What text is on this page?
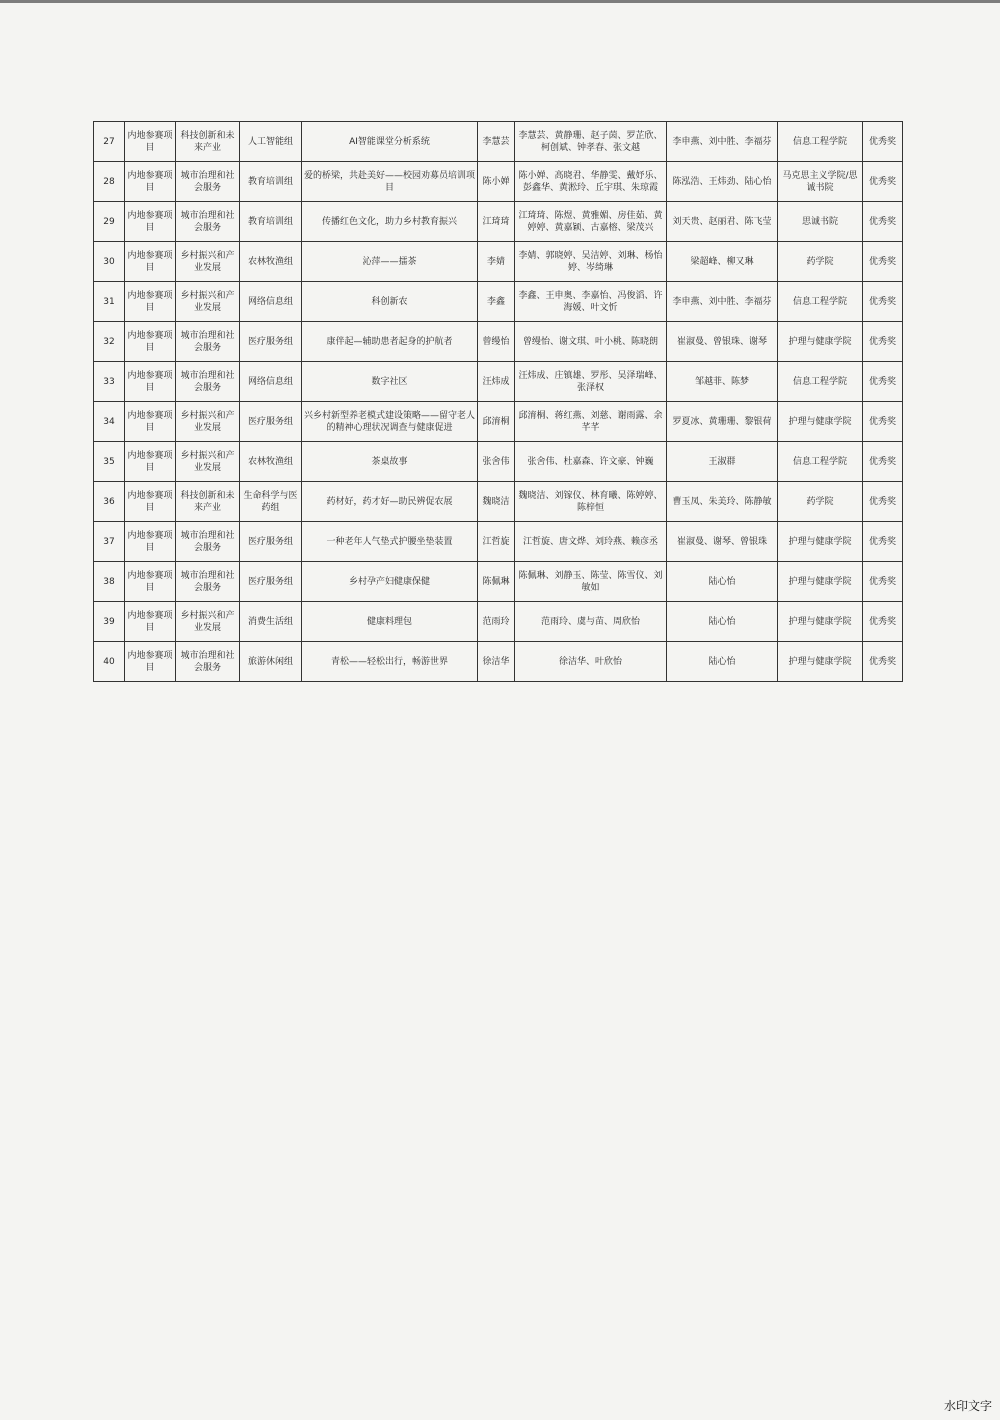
27	内地参赛项目	科技创新和未来产业	人工智能组	AI智能课堂分析系统	李慧芸	李慧芸、黄静珊、赵子茵、罗芷欣、柯创斌、钟孝春、张文越	李申燕、刘中胜、李福芬	信息工程学院	优秀奖
28	内地参赛项目	城市治理和社会服务	教育培训组	爱的桥梁，共赴美好——校园劝募员培训项目	陈小婵	陈小婵、高晓君、华静雯、戴妤乐、彭鑫华、黄淞玲、丘宇琪、朱琼霞	陈泓浩、王炜劲、陆心怡	马克思主义学院/思诚书院	优秀奖
29	内地参赛项目	城市治理和社会服务	教育培训组	传播红色文化，助力乡村教育振兴	江琦琦	江琦琦、陈煜、黄雅媚、房佳茹、黄婷婷、黄嘉颖、古嘉榕、梁茂兴	刘天贵、赵丽君、陈飞莹	思诚书院	优秀奖
30	内地参赛项目	乡村振兴和产业发展	农林牧渔组	沁萍——擂茶	李婧	李婧、郭晓婷、吴洁婷、刘琳、杨怡婷、岑绮琳	梁超峰、柳又琳	药学院	优秀奖
31	内地参赛项目	乡村振兴和产业发展	网络信息组	科创新农	李鑫	李鑫、王申奥、李嘉怡、冯俊滔、许海媛、叶文忻	李申燕、刘中胜、李福芬	信息工程学院	优秀奖
32	内地参赛项目	城市治理和社会服务	医疗服务组	康伴起—辅助患者起身的护航者	曾缦怡	曾缦怡、谢文琪、叶小桃、陈晓朗	崔淑曼、曾银珠、谢琴	护理与健康学院	优秀奖
33	内地参赛项目	城市治理和社会服务	网络信息组	数字社区	汪炜成	汪炜成、庄镇雄、罗彤、吴泽瑞峰、张泽权	邹越菲、陈梦	信息工程学院	优秀奖
34	内地参赛项目	乡村振兴和产业发展	医疗服务组	兴乡村新型养老模式建设策略——留守老人的精神心理状况调查与健康促进	邱淯桐	邱淯桐、蒋红燕、刘慈、谢雨露、余芊芊	罗夏冰、黄珊珊、黎银荷	护理与健康学院	优秀奖
35	内地参赛项目	乡村振兴和产业发展	农林牧渔组	茶桌故事	张舍伟	张舍伟、杜嘉森、许文豪、钟巍	王淑群	信息工程学院	优秀奖
36	内地参赛项目	科技创新和未来产业	生命科学与医药组	药材好，药才好—助民辨促农展	魏晓洁	魏晓洁、刘镓仪、林育曦、陈婷婷、陈梓恒	曹玉凤、朱美玲、陈静敏	药学院	优秀奖
37	内地参赛项目	城市治理和社会服务	医疗服务组	一种老年人气垫式护腰坐垫装置	江哲旋	江哲旋、唐文烨、刘玲燕、赖彦丞	崔淑曼、谢琴、曾银珠	护理与健康学院	优秀奖
38	内地参赛项目	城市治理和社会服务	医疗服务组	乡村孕产妇健康保健	陈佩琳	陈佩琳、刘静玉、陈莹、陈雪仪、刘敏如	陆心怡	护理与健康学院	优秀奖
39	内地参赛项目	乡村振兴和产业发展	消费生活组	健康料理包	范雨玲	范雨玲、虞与苗、周欣怡	陆心怡	护理与健康学院	优秀奖
40	内地参赛项目	城市治理和社会服务	旅游休闲组	青松——轻松出行，畅游世界	徐洁华	徐洁华、叶欣怡	陆心怡	护理与健康学院	优秀奖
水印文字
